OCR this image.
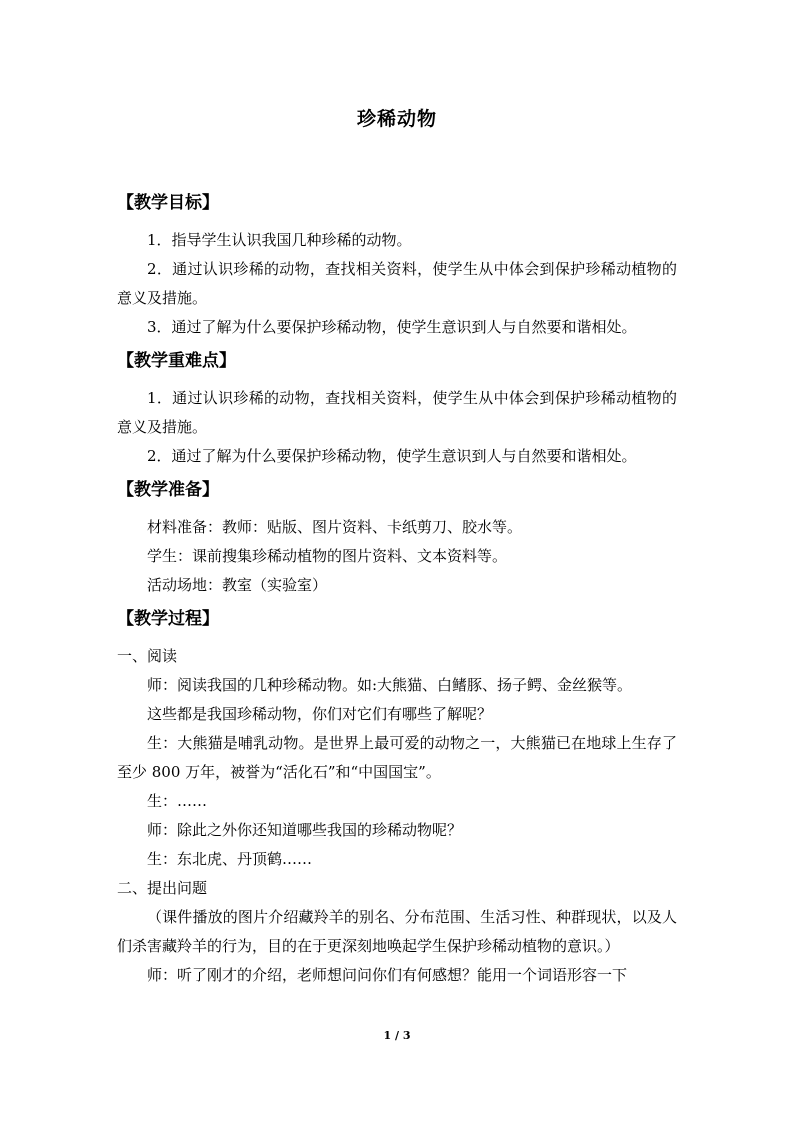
珍稀动物
【教学目标】
1．指导学生认识我国几种珍稀的动物。
2．通过认识珍稀的动物，查找相关资料，使学生从中体会到保护珍稀动植物的意义及措施。
3．通过了解为什么要保护珍稀动物，使学生意识到人与自然要和谐相处。
【教学重难点】
1．通过认识珍稀的动物，查找相关资料，使学生从中体会到保护珍稀动植物的意义及措施。
2．通过了解为什么要保护珍稀动物，使学生意识到人与自然要和谐相处。
【教学准备】
材料准备：教师：贴版、图片资料、卡纸剪刀、胶水等。
学生：课前搜集珍稀动植物的图片资料、文本资料等。
活动场地：教室（实验室）
【教学过程】
一、阅读
师：阅读我国的几种珍稀动物。如:大熊猫、白鳍豚、扬子鳄、金丝猴等。
这些都是我国珍稀动物，你们对它们有哪些了解呢？
生：大熊猫是哺乳动物。是世界上最可爱的动物之一，大熊猫已在地球上生存了至少 800 万年，被誉为“活化石”和“中国国宝”。
生：……
师：除此之外你还知道哪些我国的珍稀动物呢？
生：东北虎、丹顶鹤……
二、提出问题
（课件播放的图片介绍藏羚羊的别名、分布范围、生活习性、种群现状，以及人们杀害藏羚羊的行为，目的在于更深刻地唤起学生保护珍稀动植物的意识。）
师：听了刚才的介绍，老师想问问你们有何感想？能用一个词语形容一下
1 / 3
